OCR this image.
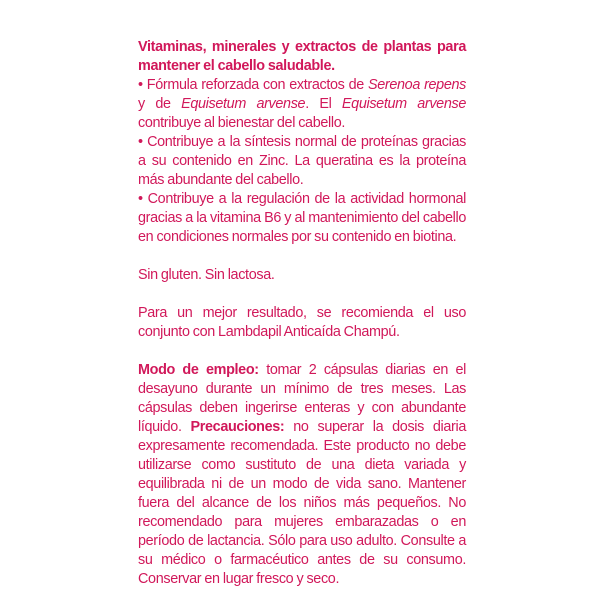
Vitaminas, minerales y extractos de plantas para mantener el cabello saludable.

• Fórmula reforzada con extractos de Serenoa repens y de Equisetum arvense. El Equisetum arvense contribuye al bienestar del cabello.

• Contribuye a la síntesis normal de proteínas gracias a su contenido en Zinc. La queratina es la proteína más abundante del cabello.

• Contribuye a la regulación de la actividad hormonal gracias a la vitamina B6 y al mantenimiento del cabello en condiciones normales por su contenido en biotina.

Sin gluten. Sin lactosa.

Para un mejor resultado, se recomienda el uso conjunto con Lambdapil Anticaída Champú.

Modo de empleo: tomar 2 cápsulas diarias en el desayuno durante un mínimo de tres meses. Las cápsulas deben ingerirse enteras y con abundante líquido. Precauciones: no superar la dosis diaria expresamente recomendada. Este producto no debe utilizarse como sustituto de una dieta variada y equilibrada ni de un modo de vida sano. Mantener fuera del alcance de los niños más pequeños. No recomendado para mujeres embarazadas o en período de lactancia. Sólo para uso adulto. Consulte a su médico o farmacéutico antes de su consumo. Conservar en lugar fresco y seco.
